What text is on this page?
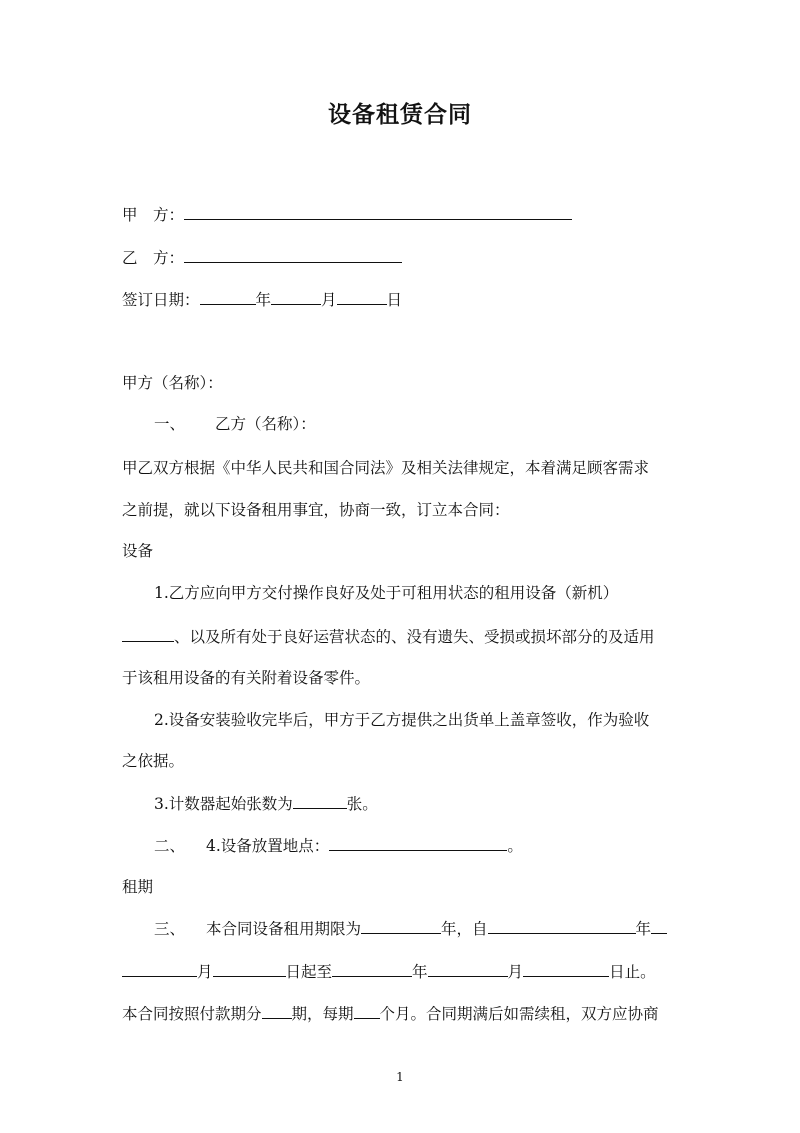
设备租赁合同
甲　方：
乙　方：
签订日期：	年	月	日
甲方（名称）：
一、 乙方（名称）：
甲乙双方根据《中华人民共和国合同法》及相关法律规定，本着满足顾客需求
之前提，就以下设备租用事宜，协商一致，订立本合同：
设备
1.乙方应向甲方交付操作良好及处于可租用状态的租用设备（新机）
、以及所有处于良好运营状态的、没有遗失、受损或损坏部分的及适用
于该租用设备的有关附着设备零件。
2.设备安装验收完毕后，甲方于乙方提供之出货单上盖章签收，作为验收
之依据。
3.计数器起始张数为	张。
二、 4.设备放置地点：	。
租期
三、 本合同设备租用期限为	年，自	年
月	日起至	年	月	日止。
本合同按照付款期分 期，每期 个月。合同期满后如需续租，双方应协商
1
